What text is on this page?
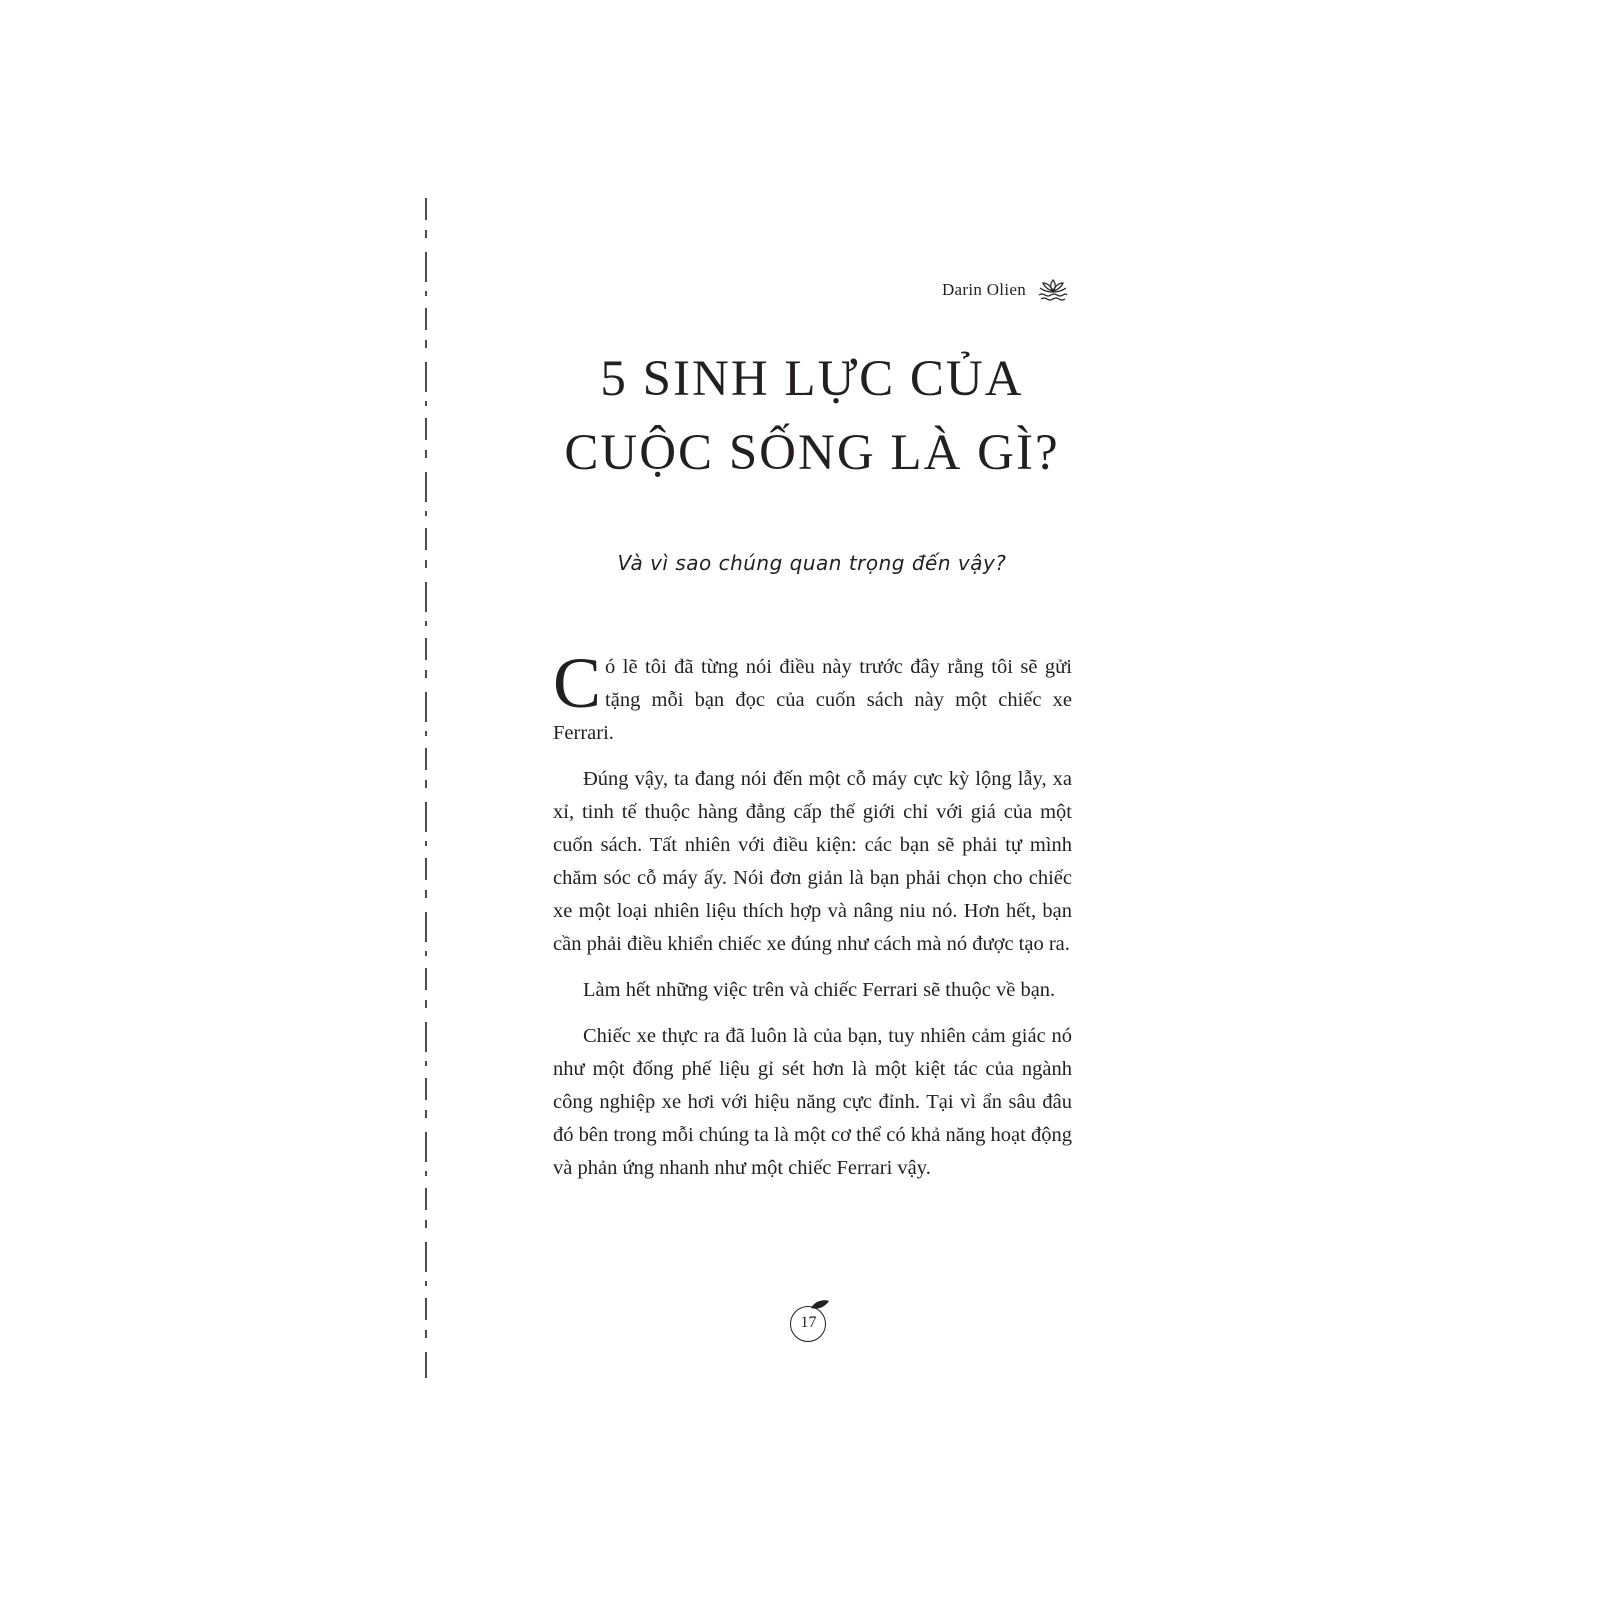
Darin Olien
5 SINH LỰC CỦA
CUỘC SỐNG LÀ GÌ?

Và vì sao chúng quan trọng đến vậy?

Có lẽ tôi đã từng nói điều này trước đây rằng tôi sẽ gửi tặng mỗi bạn đọc của cuốn sách này một chiếc xe Ferrari.

Đúng vậy, ta đang nói đến một cỗ máy cực kỳ lộng lẫy, xa xỉ, tinh tế thuộc hàng đẳng cấp thế giới chỉ với giá của một cuốn sách. Tất nhiên với điều kiện: các bạn sẽ phải tự mình chăm sóc cỗ máy ấy. Nói đơn giản là bạn phải chọn cho chiếc xe một loại nhiên liệu thích hợp và nâng niu nó. Hơn hết, bạn cần phải điều khiển chiếc xe đúng như cách mà nó được tạo ra.

Làm hết những việc trên và chiếc Ferrari sẽ thuộc về bạn.

Chiếc xe thực ra đã luôn là của bạn, tuy nhiên cảm giác nó như một đống phế liệu gỉ sét hơn là một kiệt tác của ngành công nghiệp xe hơi với hiệu năng cực đỉnh. Tại vì ẩn sâu đâu đó bên trong mỗi chúng ta là một cơ thể có khả năng hoạt động và phản ứng nhanh như một chiếc Ferrari vậy.

17
